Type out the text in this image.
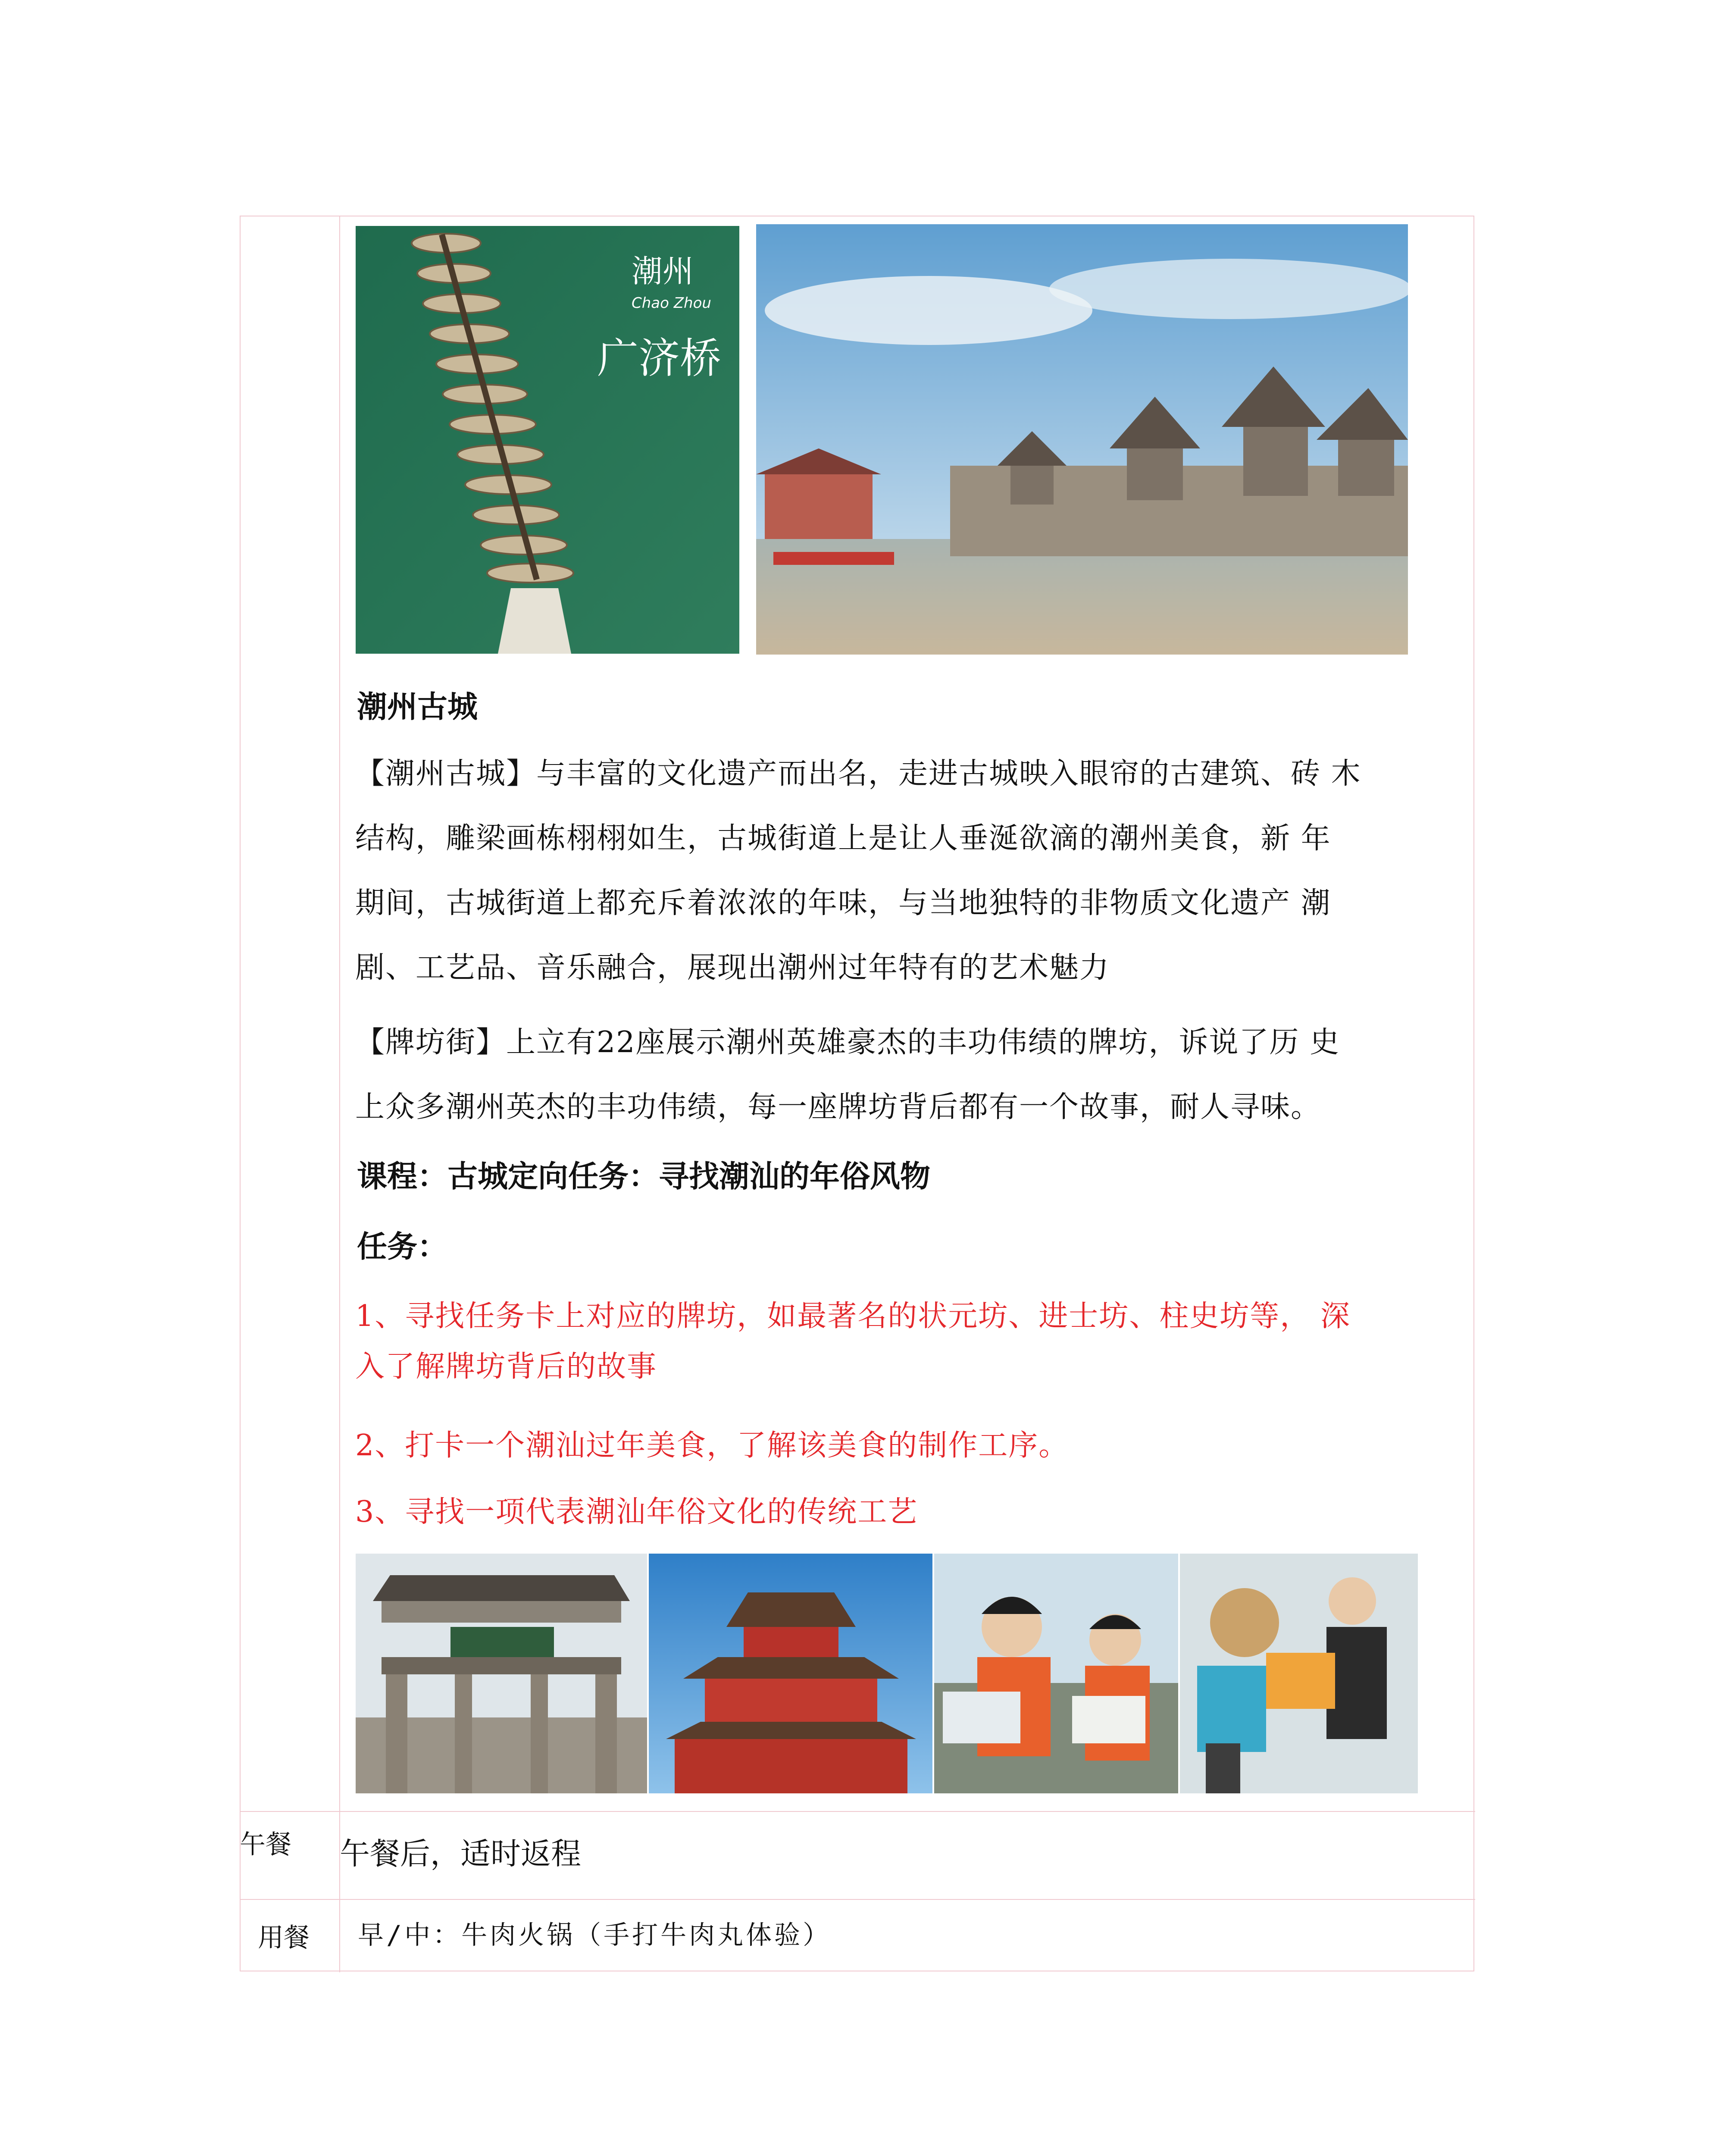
潮州
Chao Zhou
广济桥
潮州古城
【潮州古城】与丰富的文化遗产而出名，走进古城映入眼帘的古建筑、砖 木
结构，雕梁画栋栩栩如生，古城街道上是让人垂涎欲滴的潮州美食，新 年
期间，古城街道上都充斥着浓浓的年味，与当地独特的非物质文化遗产 潮
剧、工艺品、音乐融合，展现出潮州过年特有的艺术魅力
【牌坊街】上立有22座展示潮州英雄豪杰的丰功伟绩的牌坊，诉说了历 史
上众多潮州英杰的丰功伟绩，每一座牌坊背后都有一个故事，耐人寻味。
课程：古城定向任务：寻找潮汕的年俗风物
任务：
1、寻找任务卡上对应的牌坊，如最著名的状元坊、进士坊、柱史坊等， 深
入了解牌坊背后的故事
2、打卡一个潮汕过年美食，了解该美食的制作工序。
3、寻找一项代表潮汕年俗文化的传统工艺
午餐 午餐后，适时返程
用餐 早/中：牛肉火锅（手打牛肉丸体验）
